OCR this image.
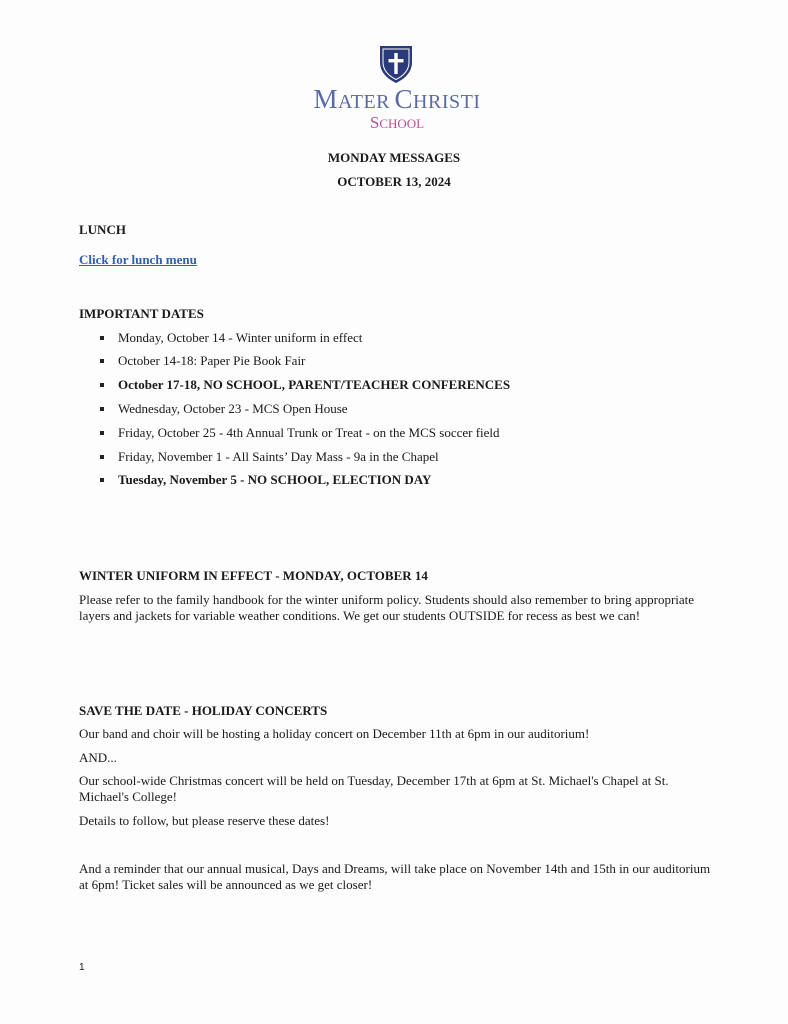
MATER CHRISTI
SCHOOL
MONDAY MESSAGES
OCTOBER 13, 2024
LUNCH
Click for lunch menu
IMPORTANT DATES
Monday, October 14 - Winter uniform in effect
October 14-18: Paper Pie Book Fair
October 17-18, NO SCHOOL, PARENT/TEACHER CONFERENCES
Wednesday, October 23 - MCS Open House
Friday, October 25 - 4th Annual Trunk or Treat - on the MCS soccer field
Friday, November 1 - All Saints’ Day Mass - 9a in the Chapel
Tuesday, November 5 - NO SCHOOL, ELECTION DAY
WINTER UNIFORM IN EFFECT - MONDAY, OCTOBER 14
Please refer to the family handbook for the winter uniform policy. Students should also remember to bring appropriate layers and jackets for variable weather conditions. We get our students OUTSIDE for recess as best we can!
SAVE THE DATE - HOLIDAY CONCERTS
Our band and choir will be hosting a holiday concert on December 11th at 6pm in our auditorium!
AND...
Our school-wide Christmas concert will be held on Tuesday, December 17th at 6pm at St. Michael's Chapel at St. Michael's College!
Details to follow, but please reserve these dates!
And a reminder that our annual musical, Days and Dreams, will take place on November 14th and 15th in our auditorium at 6pm! Ticket sales will be announced as we get closer!
1
